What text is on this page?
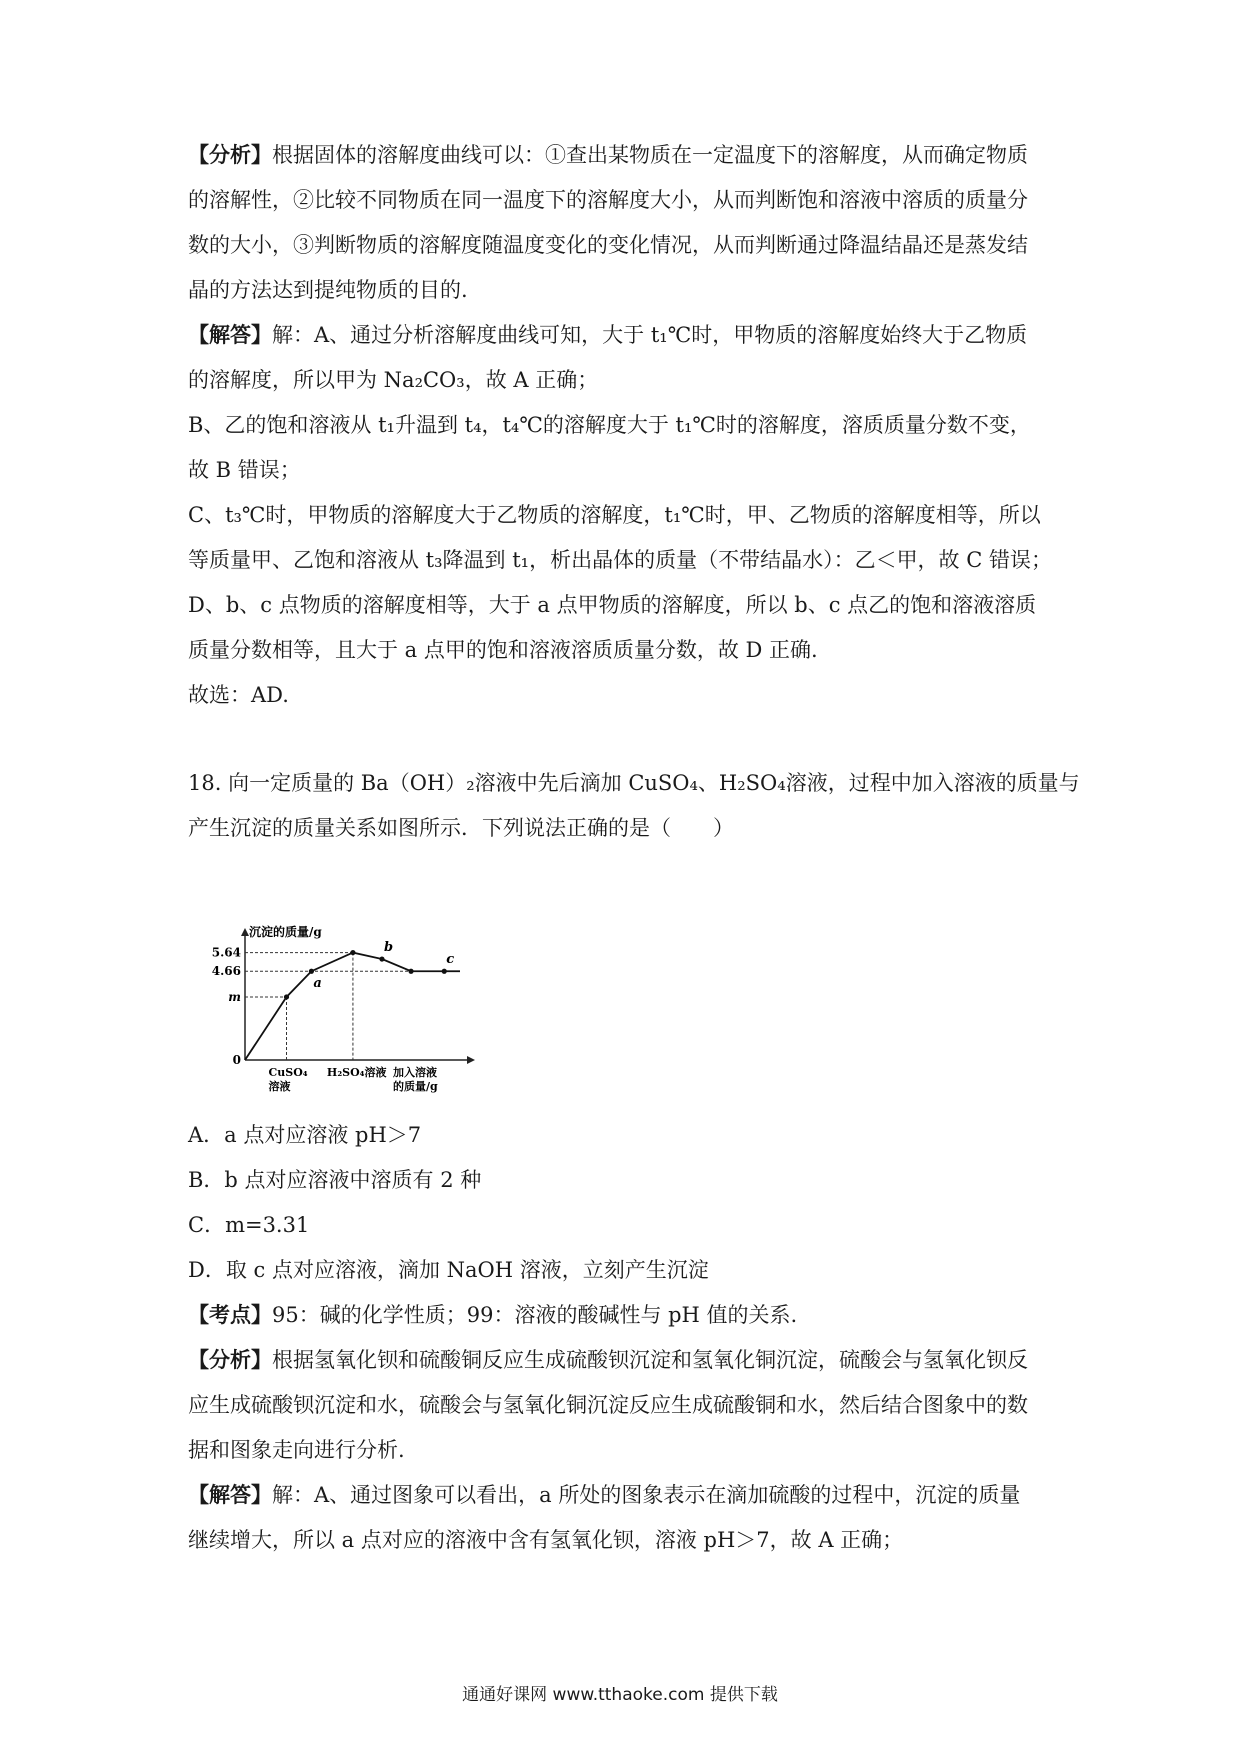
【分析】根据固体的溶解度曲线可以：①查出某物质在一定温度下的溶解度，从而确定物质
的溶解性，②比较不同物质在同一温度下的溶解度大小，从而判断饱和溶液中溶质的质量分
数的大小，③判断物质的溶解度随温度变化的变化情况，从而判断通过降温结晶还是蒸发结
晶的方法达到提纯物质的目的.
【解答】解：A、通过分析溶解度曲线可知，大于 t₁℃时，甲物质的溶解度始终大于乙物质
的溶解度，所以甲为 Na₂CO₃，故 A 正确；
B、乙的饱和溶液从 t₁升温到 t₄，t₄℃的溶解度大于 t₁℃时的溶解度，溶质质量分数不变，
故 B 错误；
C、t₃℃时，甲物质的溶解度大于乙物质的溶解度，t₁℃时，甲、乙物质的溶解度相等，所以
等质量甲、乙饱和溶液从 t₃降温到 t₁，析出晶体的质量（不带结晶水）：乙＜甲，故 C 错误；
D、b、c 点物质的溶解度相等，大于 a 点甲物质的溶解度，所以 b、c 点乙的饱和溶液溶质
质量分数相等，且大于 a 点甲的饱和溶液溶质质量分数，故 D 正确.
故选：AD.
18. 向一定质量的 Ba（OH）₂溶液中先后滴加 CuSO₄、H₂SO₄溶液，过程中加入溶液的质量与
产生沉淀的质量关系如图所示．下列说法正确的是（　　）
沉淀的质量/g
加入溶液
的质量/g
5.64
4.66
m
0
CuSO₄
溶液
H₂SO₄溶液
a
b
c
A．a 点对应溶液 pH＞7
B．b 点对应溶液中溶质有 2 种
C．m=3.31
D．取 c 点对应溶液，滴加 NaOH 溶液，立刻产生沉淀
【考点】95：碱的化学性质；99：溶液的酸碱性与 pH 值的关系.
【分析】根据氢氧化钡和硫酸铜反应生成硫酸钡沉淀和氢氧化铜沉淀，硫酸会与氢氧化钡反
应生成硫酸钡沉淀和水，硫酸会与氢氧化铜沉淀反应生成硫酸铜和水，然后结合图象中的数
据和图象走向进行分析.
【解答】解：A、通过图象可以看出，a 所处的图象表示在滴加硫酸的过程中，沉淀的质量
继续增大，所以 a 点对应的溶液中含有氢氧化钡，溶液 pH＞7，故 A 正确；
通通好课网 www.tthaoke.com 提供下载
